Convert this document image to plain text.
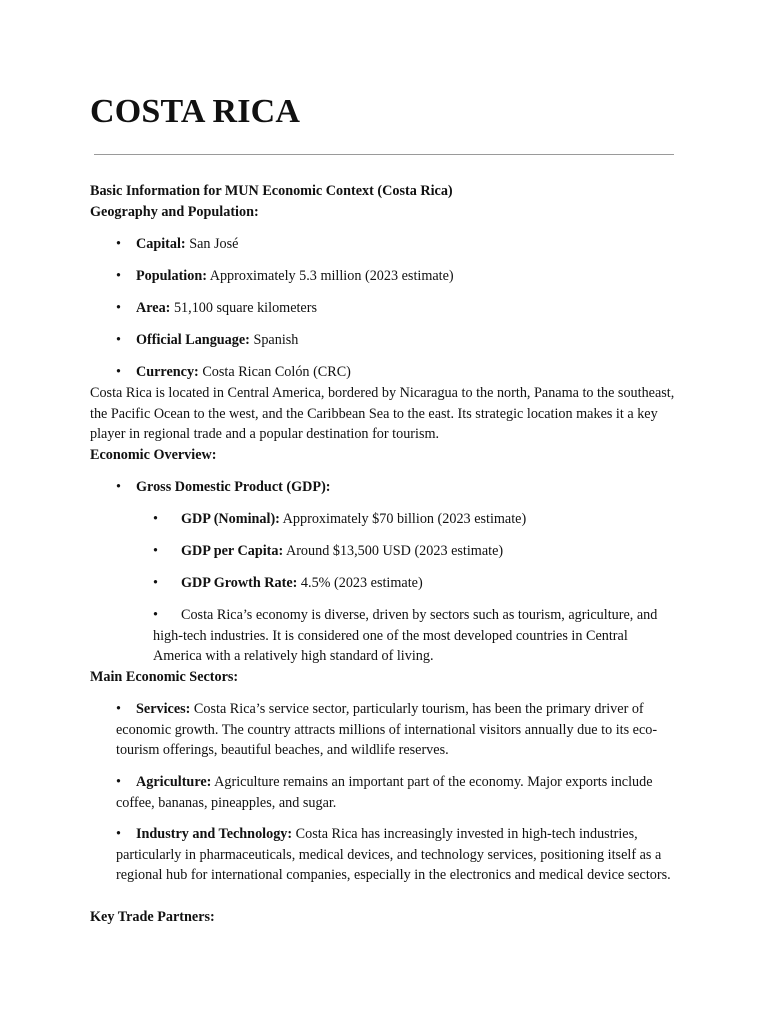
COSTA RICA
Basic Information for MUN Economic Context (Costa Rica)
Geography and Population:
• Capital: San José
• Population: Approximately 5.3 million (2023 estimate)
• Area: 51,100 square kilometers
• Official Language: Spanish
• Currency: Costa Rican Colón (CRC)
Costa Rica is located in Central America, bordered by Nicaragua to the north, Panama to the southeast, the Pacific Ocean to the west, and the Caribbean Sea to the east. Its strategic location makes it a key player in regional trade and a popular destination for tourism.
Economic Overview:
• Gross Domestic Product (GDP):
• GDP (Nominal): Approximately $70 billion (2023 estimate)
• GDP per Capita: Around $13,500 USD (2023 estimate)
• GDP Growth Rate: 4.5% (2023 estimate)
• Costa Rica’s economy is diverse, driven by sectors such as tourism, agriculture, and high-tech industries. It is considered one of the most developed countries in Central America with a relatively high standard of living.
Main Economic Sectors:
• Services: Costa Rica’s service sector, particularly tourism, has been the primary driver of economic growth. The country attracts millions of international visitors annually due to its eco-tourism offerings, beautiful beaches, and wildlife reserves.
• Agriculture: Agriculture remains an important part of the economy. Major exports include coffee, bananas, pineapples, and sugar.
• Industry and Technology: Costa Rica has increasingly invested in high-tech industries, particularly in pharmaceuticals, medical devices, and technology services, positioning itself as a regional hub for international companies, especially in the electronics and medical device sectors.
Key Trade Partners:
